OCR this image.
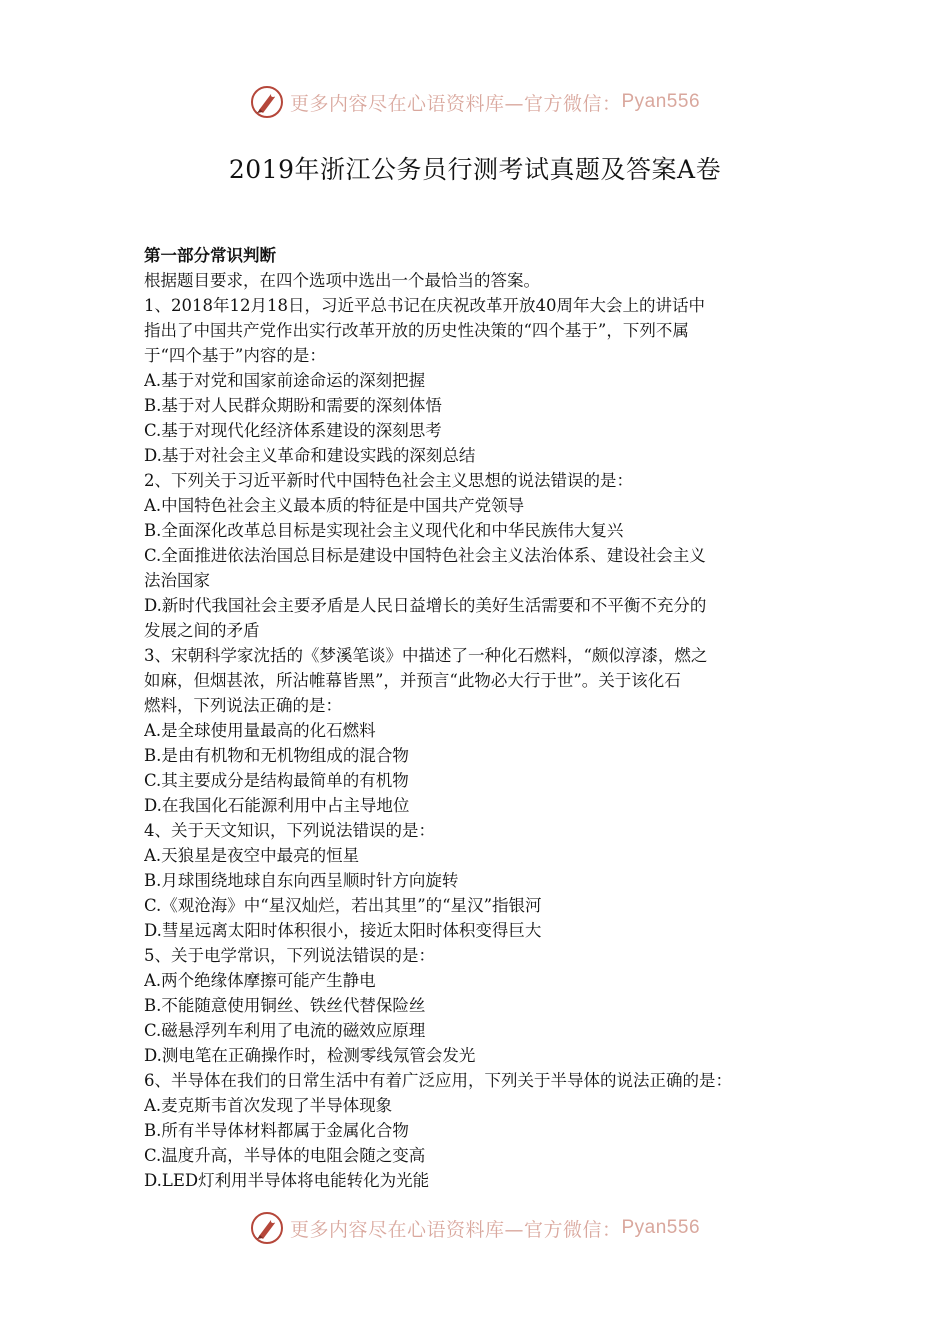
更多内容尽在心语资料库—官方微信： Pyan556
2019年浙江公务员行测考试真题及答案A卷
第一部分常识判断
根据题目要求，在四个选项中选出一个最恰当的答案。
1、2018年12月18日，习近平总书记在庆祝改革开放40周年大会上的讲话中
指出了中国共产党作出实行改革开放的历史性决策的“四个基于”，下列不属
于“四个基于”内容的是：
A.基于对党和国家前途命运的深刻把握
B.基于对人民群众期盼和需要的深刻体悟
C.基于对现代化经济体系建设的深刻思考
D.基于对社会主义革命和建设实践的深刻总结
2、下列关于习近平新时代中国特色社会主义思想的说法错误的是：
A.中国特色社会主义最本质的特征是中国共产党领导
B.全面深化改革总目标是实现社会主义现代化和中华民族伟大复兴
C.全面推进依法治国总目标是建设中国特色社会主义法治体系、建设社会主义
法治国家
D.新时代我国社会主要矛盾是人民日益增长的美好生活需要和不平衡不充分的
发展之间的矛盾
3、宋朝科学家沈括的《梦溪笔谈》中描述了一种化石燃料，“颇似淳漆，燃之
如麻，但烟甚浓，所沾帷幕皆黑”，并预言“此物必大行于世”。关于该化石
燃料，下列说法正确的是：
A.是全球使用量最高的化石燃料
B.是由有机物和无机物组成的混合物
C.其主要成分是结构最简单的有机物
D.在我国化石能源利用中占主导地位
4、关于天文知识，下列说法错误的是：
A.天狼星是夜空中最亮的恒星
B.月球围绕地球自东向西呈顺时针方向旋转
C.《观沧海》中“星汉灿烂，若出其里”的“星汉”指银河
D.彗星远离太阳时体积很小，接近太阳时体积变得巨大
5、关于电学常识，下列说法错误的是：
A.两个绝缘体摩擦可能产生静电
B.不能随意使用铜丝、铁丝代替保险丝
C.磁悬浮列车利用了电流的磁效应原理
D.测电笔在正确操作时，检测零线氖管会发光
6、半导体在我们的日常生活中有着广泛应用，下列关于半导体的说法正确的是：
A.麦克斯韦首次发现了半导体现象
B.所有半导体材料都属于金属化合物
C.温度升高，半导体的电阻会随之变高
D.LED灯利用半导体将电能转化为光能
更多内容尽在心语资料库—官方微信： Pyan556
